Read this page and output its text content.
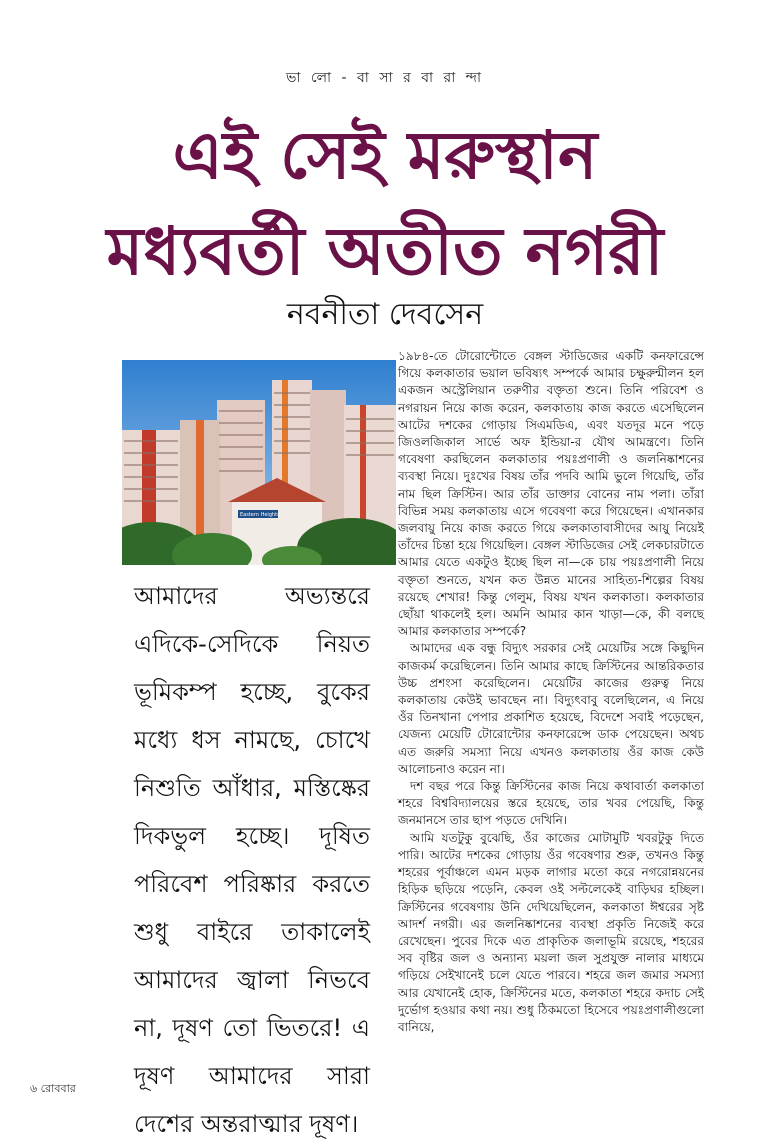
ভা লো - বা সা র বা রা ন্দা
এই সেই মরুস্থান
মধ্যবর্তী অতীত নগরী
নবনীতা দেবসেন
Eastern Heights
আমাদের অভ্যন্তরে এদিকে-সেদিকে নিয়ত ভূমিকম্প হচ্ছে, বুকের মধ্যে ধস নামছে, চোখে নিশুতি আঁধার, মস্তিষ্কের দিকভুল হচ্ছে। দূষিত পরিবেশ পরিষ্কার করতে শুধু বাইরে তাকালেই আমাদের জ্বালা নিভবে না, দূষণ তো ভিতরে! এ দূষণ আমাদের সারা দেশের অন্তরাত্মার দূষণ।

১৯৮৪-তে টোরোন্টোতে বেঙ্গল স্টাডিজের একটি কনফারেন্সে গিয়ে কলকাতার ভয়াল ভবিষ্যৎ সম্পর্কে আমার চক্ষুরুন্মীলন হল একজন অস্ট্রেলিয়ান তরুণীর বক্তৃতা শুনে। তিনি পরিবেশ ও নগরায়ন নিয়ে কাজ করেন, কলকাতায় কাজ করতে এসেছিলেন আটের দশকের গোড়ায় সিএমডিএ, এবং যতদূর মনে পড়ে জিওলজিকাল সার্ভে অফ ইন্ডিয়া-র যৌথ আমন্ত্রণে। তিনি গবেষণা করছিলেন কলকাতার পয়ঃপ্রণালী ও জলনিষ্কাশনের ব্যবস্থা নিয়ে। দুঃখের বিষয় তাঁর পদবি আমি ভুলে গিয়েছি, তাঁর নাম ছিল ক্রিস্টিন। আর তাঁর ডাক্তার বোনের নাম পলা। তাঁরা বিভিন্ন সময় কলকাতায় এসে গবেষণা করে গিয়েছেন। এখানকার জলবায়ু নিয়ে কাজ করতে গিয়ে কলকাতাবাসীদের আয়ু নিয়েই তাঁদের চিন্তা হয়ে গিয়েছিল। বেঙ্গল স্টাডিজের সেই লেকচারটাতে আমার যেতে একটুও ইচ্ছে ছিল না—কে চায় পয়ঃপ্রণালী নিয়ে বক্তৃতা শুনতে, যখন কত উন্নত মানের সাহিত্য-শিল্পের বিষয় রয়েছে শেখার! কিন্তু গেলুম, বিষয় যখন কলকাতা। কলকাতার ছোঁয়া থাকলেই হল। অমনি আমার কান খাড়া—কে, কী বলছে আমার কলকাতার সম্পর্কে?

আমাদের এক বন্ধু বিদ্যুৎ সরকার সেই মেয়েটির সঙ্গে কিছুদিন কাজকর্ম করেছিলেন। তিনি আমার কাছে ক্রিস্টিনের আন্তরিকতার উচ্চ প্রশংসা করেছিলেন। মেয়েটির কাজের গুরুত্ব নিয়ে কলকাতায় কেউই ভাবছেন না। বিদ্যুৎবাবু বলেছিলেন, এ নিয়ে ওঁর তিনখানা পেপার প্রকাশিত হয়েছে, বিদেশে সবাই পড়েছেন, যেজন্য মেয়েটি টোরোন্টোর কনফারেন্সে ডাক পেয়েছেন। অথচ এত জরুরি সমস্যা নিয়ে এখনও কলকাতায় ওঁর কাজ কেউ আলোচনাও করেন না।

দশ বছর পরে কিন্তু ক্রিস্টিনের কাজ নিয়ে কথাবার্তা কলকাতা শহরে বিশ্ববিদ্যালয়ের স্তরে হয়েছে, তার খবর পেয়েছি, কিন্তু জনমানসে তার ছাপ পড়তে দেখিনি।

আমি যতটুকু বুঝেছি, ওঁর কাজের মোটামুটি খবরটুকু দিতে পারি। আটের দশকের গোড়ায় ওঁর গবেষণার শুরু, তখনও কিন্তু শহরের পূর্বাঞ্চলে এমন মড়ক লাগার মতো করে নগরোন্নয়নের হিড়িক ছড়িয়ে পড়েনি, কেবল ওই সল্টলেকেই বাড়িঘর হচ্ছিল। ক্রিস্টিনের গবেষণায় উনি দেখিয়েছিলেন, কলকাতা ঈশ্বরের সৃষ্ট আদর্শ নগরী। এর জলনিষ্কাশনের ব্যবস্থা প্রকৃতি নিজেই করে রেখেছেন। পুবের দিকে এত প্রাকৃতিক জলাভূমি রয়েছে, শহরের সব বৃষ্টির জল ও অন্যান্য ময়লা জল সুপ্রযুক্ত নালার মাধ্যমে গড়িয়ে সেইখানেই চলে যেতে পারবে। শহরে জল জমার সমস্যা আর যেখানেই হোক, ক্রিস্টিনের মতে, কলকাতা শহরে কদাচ সেই দুর্ভোগ হওয়ার কথা নয়। শুধু ঠিকমতো হিসেবে পয়ঃপ্রণালীগুলো বানিয়ে,

৬ রোববার
